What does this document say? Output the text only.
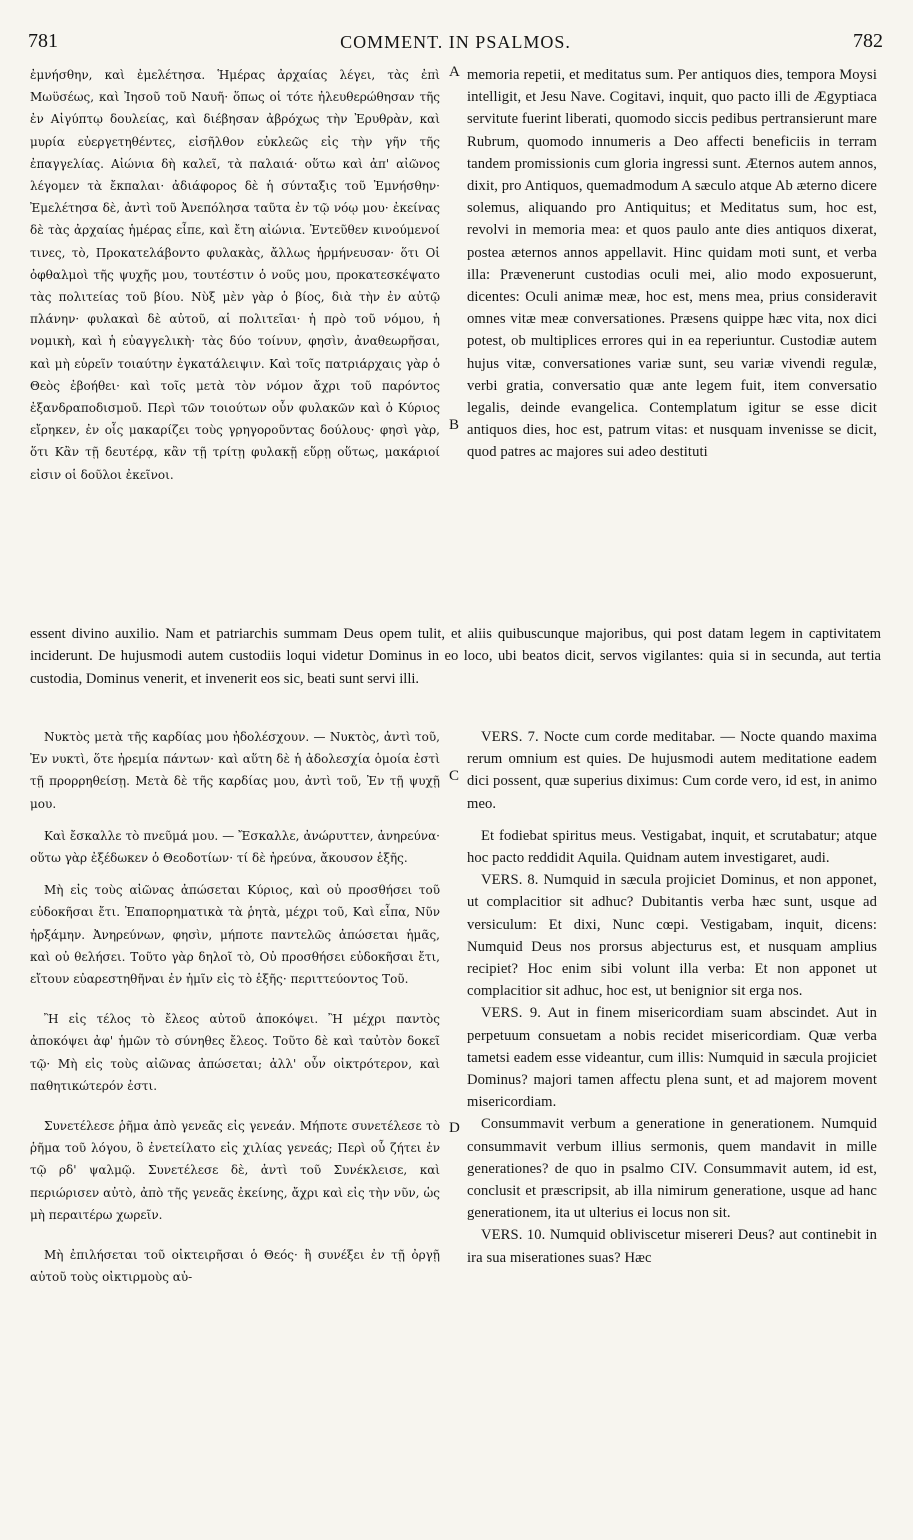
781	COMMENT. IN PSALMOS.	782
A
B
C
D

ἐμνήσθην, καὶ ἐμελέτησα. Ἡμέρας ἀρχαίας λέγει, τὰς ἐπὶ Μωϋσέως, καὶ Ἰησοῦ τοῦ Ναυῆ· ὅπως οἱ τότε ἠλευθερώθησαν τῆς ἐν Αἰγύπτῳ δουλείας, καὶ διέβησαν ἀβρόχως τὴν Ἐρυθρὰν, καὶ μυρία εὐεργετηθέντες, εἰσῆλθον εὐκλεῶς εἰς τὴν γῆν τῆς ἐπαγγελίας. Αἰώνια δὴ καλεῖ, τὰ παλαιά· οὕτω καὶ ἀπ' αἰῶνος λέγομεν τὰ ἔκπαλαι· ἀδιάφορος δὲ ἡ σύνταξις τοῦ Ἐμνήσθην· Ἐμελέτησα δὲ, ἀντὶ τοῦ Ἀνεπόλησα ταῦτα ἐν τῷ νόῳ μου· ἐκείνας δὲ τὰς ἀρχαίας ἡμέρας εἶπε, καὶ ἔτη αἰώνια. Ἐντεῦθεν κινούμενοί τινες, τὸ, Προκατελάβοντο φυλακὰς, ἄλλως ἡρμήνευσαν· ὅτι Οἱ ὀφθαλμοὶ τῆς ψυχῆς μου, τουτέστιν ὁ νοῦς μου, προκατεσκέψατο τὰς πολιτείας τοῦ βίου. Νὺξ μὲν γὰρ ὁ βίος, διὰ τὴν ἐν αὐτῷ πλάνην· φυλακαὶ δὲ αὐτοῦ, αἱ πολιτεῖαι· ἡ πρὸ τοῦ νόμου, ἡ νομικὴ, καὶ ἡ εὐαγγελικὴ· τὰς δύο τοίνυν, φησὶν, ἀναθεωρῆσαι, καὶ μὴ εὑρεῖν τοιαύτην ἐγκατάλειψιν. Καὶ τοῖς πατριάρχαις γὰρ ὁ Θεὸς ἐβοήθει· καὶ τοῖς μετὰ τὸν νόμον ἄχρι τοῦ παρόντος ἐξανδραποδισμοῦ. Περὶ τῶν τοιούτων οὖν φυλακῶν καὶ ὁ Κύριος εἴρηκεν, ἐν οἷς μακαρίζει τοὺς γρηγοροῦντας δούλους· φησὶ γὰρ, ὅτι Κἂν τῇ δευτέρᾳ, κἂν τῇ τρίτῃ φυλακῇ εὕρῃ οὕτως, μακάριοί εἰσιν οἱ δοῦλοι ἐκεῖνοι.

memoria repetii, et meditatus sum. Per antiquos dies, tempora Moysi intelligit, et Jesu Nave. Cogitavi, inquit, quo pacto illi de Ægyptiaca servitute fuerint liberati, quomodo siccis pedibus pertransierunt mare Rubrum, quomodo innumeris a Deo affecti beneficiis in terram tandem promissionis cum gloria ingressi sunt. Æternos autem annos, dixit, pro Antiquos, quemadmodum A sæculo atque Ab æterno dicere solemus, aliquando pro Antiquitus; et Meditatus sum, hoc est, revolvi in memoria mea: et quos paulo ante dies antiquos dixerat, postea æternos annos appellavit. Hinc quidam moti sunt, et verba illa: Prævenerunt custodias oculi mei, alio modo exposuerunt, dicentes: Oculi animæ meæ, hoc est, mens mea, prius consideravit omnes vitæ meæ conversationes. Præsens quippe hæc vita, nox dici potest, ob multiplices errores qui in ea reperiuntur. Custodiæ autem hujus vitæ, conversationes variæ sunt, seu variæ vivendi regulæ, verbi gratia, conversatio quæ ante legem fuit, item conversatio legalis, deinde evangelica. Contemplatum igitur se esse dicit antiquos dies, hoc est, patrum vitas: et nusquam invenisse se dicit, quod patres ac majores sui adeo destituti

essent divino auxilio. Nam et patriarchis summam Deus opem tulit, et aliis quibuscunque majoribus, qui post datam legem in captivitatem inciderunt. De hujusmodi autem custodiis loqui videtur Dominus in eo loco, ubi beatos dicit, servos vigilantes: quia si in secunda, aut tertia custodia, Dominus venerit, et invenerit eos sic, beati sunt servi illi.

Νυκτὸς μετὰ τῆς καρδίας μου ἠδολέσχουν. — Νυκτὸς, ἀντὶ τοῦ, Ἐν νυκτὶ, ὅτε ἠρεμία πάντων· καὶ αὕτη δὲ ἡ ἀδολεσχία ὁμοία ἐστὶ τῇ προρρηθείσῃ. Μετὰ δὲ τῆς καρδίας μου, ἀντὶ τοῦ, Ἐν τῇ ψυχῇ μου.

Καὶ ἔσκαλλε τὸ πνεῦμά μου. — Ἔσκαλλε, ἀνώρυττεν, ἀνηρεύνα· οὕτω γὰρ ἐξέδωκεν ὁ Θεοδοτίων· τί δὲ ἠρεύνα, ἄκουσον ἑξῆς.

Μὴ εἰς τοὺς αἰῶνας ἀπώσεται Κύριος, καὶ οὐ προσθήσει τοῦ εὐδοκῆσαι ἔτι. Ἐπαπορηματικὰ τὰ ῥητὰ, μέχρι τοῦ, Καὶ εἶπα, Νῦν ἠρξάμην. Ἀνηρεύνων, φησὶν, μήποτε παντελῶς ἀπώσεται ἡμᾶς, καὶ οὐ θελήσει. Τοῦτο γὰρ δηλοῖ τὸ, Οὐ προσθήσει εὐδοκῆσαι ἔτι, εἴτουν εὐαρεστηθῆναι ἐν ἡμῖν εἰς τὸ ἑξῆς· περιττεύοντος Τοῦ.

Ἢ εἰς τέλος τὸ ἔλεος αὐτοῦ ἀποκόψει. Ἢ μέχρι παντὸς ἀποκόψει ἀφ' ἡμῶν τὸ σύνηθες ἔλεος. Τοῦτο δὲ καὶ ταὐτὸν δοκεῖ τῷ· Μὴ εἰς τοὺς αἰῶνας ἀπώσεται; ἀλλ' οὖν οἰκτρότερον, καὶ παθητικώτερόν ἐστι.

Συνετέλεσε ῥῆμα ἀπὸ γενεᾶς εἰς γενεάν. Μήποτε συνετέλεσε τὸ ῥῆμα τοῦ λόγου, ὃ ἐνετείλατο εἰς χιλίας γενεάς; Περὶ οὗ ζήτει ἐν τῷ ρδ' ψαλμῷ. Συνετέλεσε δὲ, ἀντὶ τοῦ Συνέκλεισε, καὶ περιώρισεν αὐτὸ, ἀπὸ τῆς γενεᾶς ἐκείνης, ἄχρι καὶ εἰς τὴν νῦν, ὡς μὴ περαιτέρω χωρεῖν.

Μὴ ἐπιλήσεται τοῦ οἰκτειρῆσαι ὁ Θεός· ἢ συνέξει ἐν τῇ ὀργῇ αὐτοῦ τοὺς οἰκτιρμοὺς αὐ-

VERS. 7. Nocte cum corde meditabar. — Nocte quando maxima rerum omnium est quies. De hujusmodi autem meditatione eadem dici possent, quæ superius diximus: Cum corde vero, id est, in animo meo.

Et fodiebat spiritus meus. Vestigabat, inquit, et scrutabatur; atque hoc pacto reddidit Aquila. Quidnam autem investigaret, audi.

VERS. 8. Numquid in sæcula projiciet Dominus, et non apponet, ut complacitior sit adhuc? Dubitantis verba hæc sunt, usque ad versiculum: Et dixi, Nunc cœpi. Vestigabam, inquit, dicens: Numquid Deus nos prorsus abjecturus est, et nusquam amplius recipiet? Hoc enim sibi volunt illa verba: Et non apponet ut complacitior sit adhuc, hoc est, ut benignior sit erga nos.

VERS. 9. Aut in finem misericordiam suam abscindet. Aut in perpetuum consuetam a nobis recidet misericordiam. Quæ verba tametsi eadem esse videantur, cum illis: Numquid in sæcula projiciet Dominus? majori tamen affectu plena sunt, et ad majorem movent misericordiam.

Consummavit verbum a generatione in generationem. Numquid consummavit verbum illius sermonis, quem mandavit in mille generationes? de quo in psalmo CIV. Consummavit autem, id est, conclusit et præscripsit, ab illa nimirum generatione, usque ad hanc generationem, ita ut ulterius ei locus non sit.

VERS. 10. Numquid obliviscetur misereri Deus? aut continebit in ira sua miserationes suas? Hæc
